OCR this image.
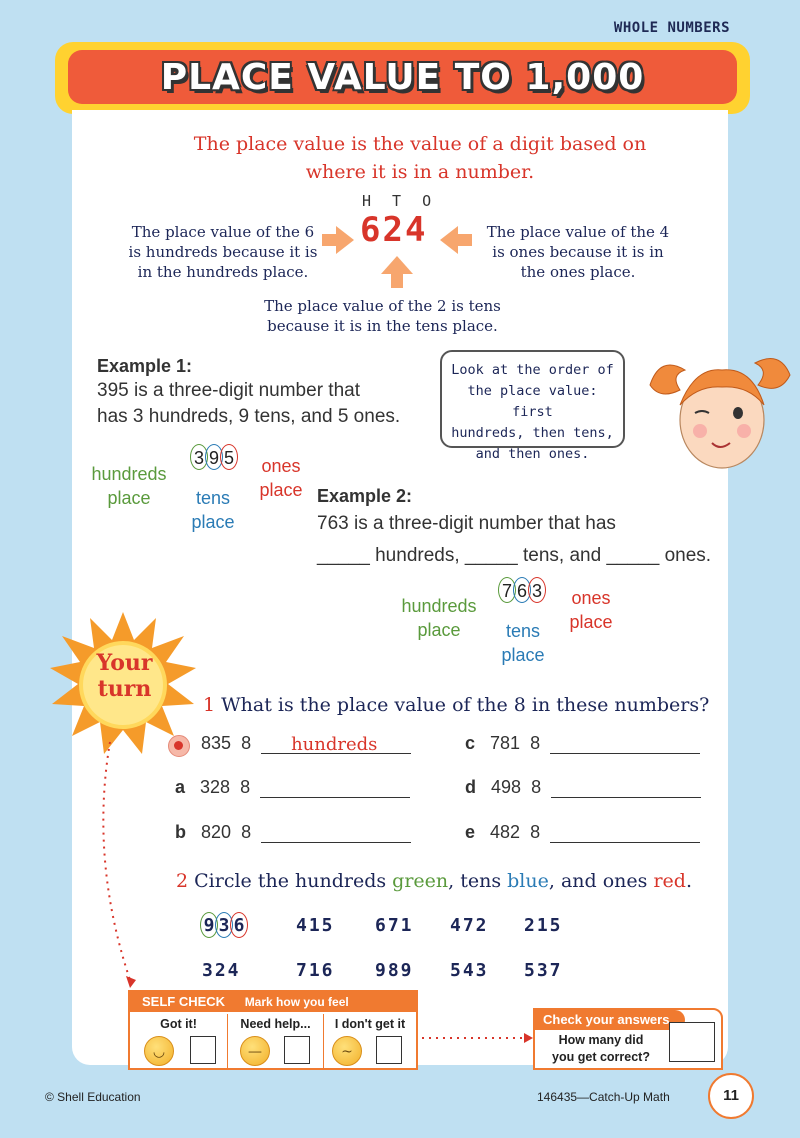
WHOLE NUMBERS
PLACE VALUE TO 1,000
The place value is the value of a digit based on
where it is in a number.
H T O
624
The place value of the 6
is hundreds because it is
in the hundreds place.
The place value of the 4
is ones because it is in
the ones place.
The place value of the 2 is tens
because it is in the tens place.
Example 1:
395 is a three-digit number that
has 3 hundreds, 9 tens, and 5 ones.
hundreds
place
3 9 5
tens
place
ones
place
Look at the order of
the place value: first
hundreds, then tens,
and then ones.
Example 2:
763 is a three-digit number that has
_____ hundreds, _____ tens, and _____ ones.
hundreds
place
7 6 3
tens
place
ones
place
Your
turn
1 What is the place value of the 8 in these numbers?
835 8 hundreds
a 328 8
b 820 8
c 781 8
d 498 8
e 482 8
2 Circle the hundreds green, tens blue, and ones red.
9 3 6	415 671 472 215
324	716 989 543 537
SELF CHECK Mark how you feel
Got it!
◡
Need help...
—
I don't get it
~
Check your answers
How many did
you get correct?
© Shell Education	146435—Catch-Up Math	11
